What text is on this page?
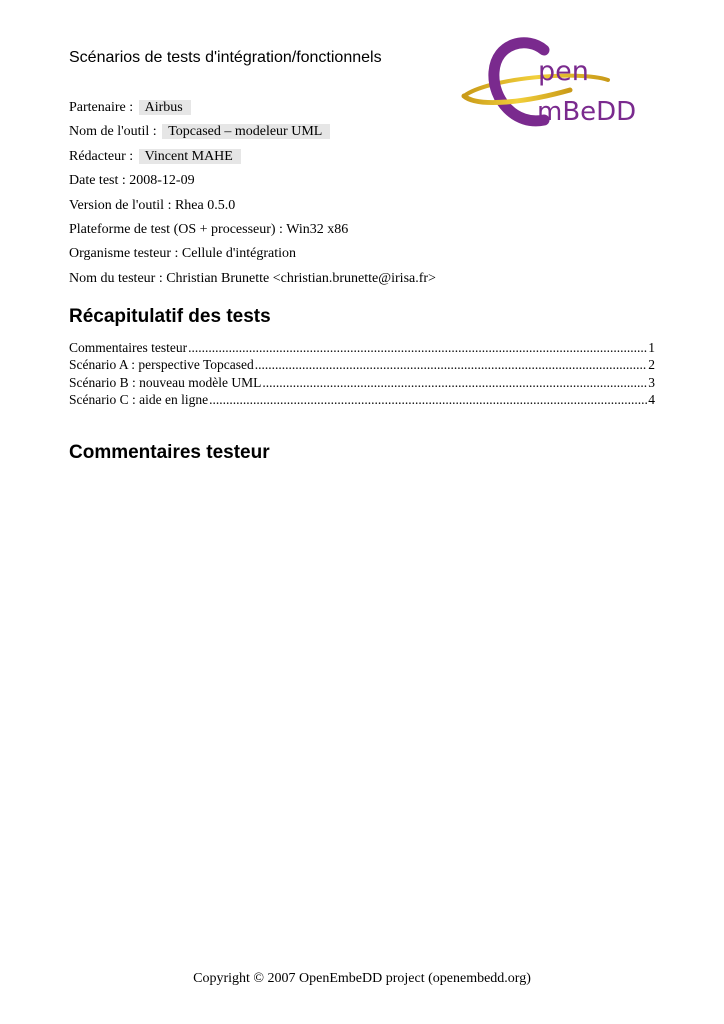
Scénarios de tests d'intégration/fonctionnels	pen
mBeDD
Partenaire : Airbus
Nom de l'outil : Topcased – modeleur UML
Rédacteur : Vincent MAHE
Date test : 2008-12-09
Version de l'outil : Rhea 0.5.0
Plateforme de test (OS + processeur) : Win32 x86
Organisme testeur : Cellule d'intégration
Nom du testeur : Christian Brunette <christian.brunette@irisa.fr>
Récapitulatif des tests
Commentaires testeur .....	1
Scénario A : perspective Topcased .....	2
Scénario B : nouveau modèle UML .....	3
Scénario C : aide en ligne .....	4
Commentaires testeur
Copyright © 2007 OpenEmbeDD project (openembedd.org)
